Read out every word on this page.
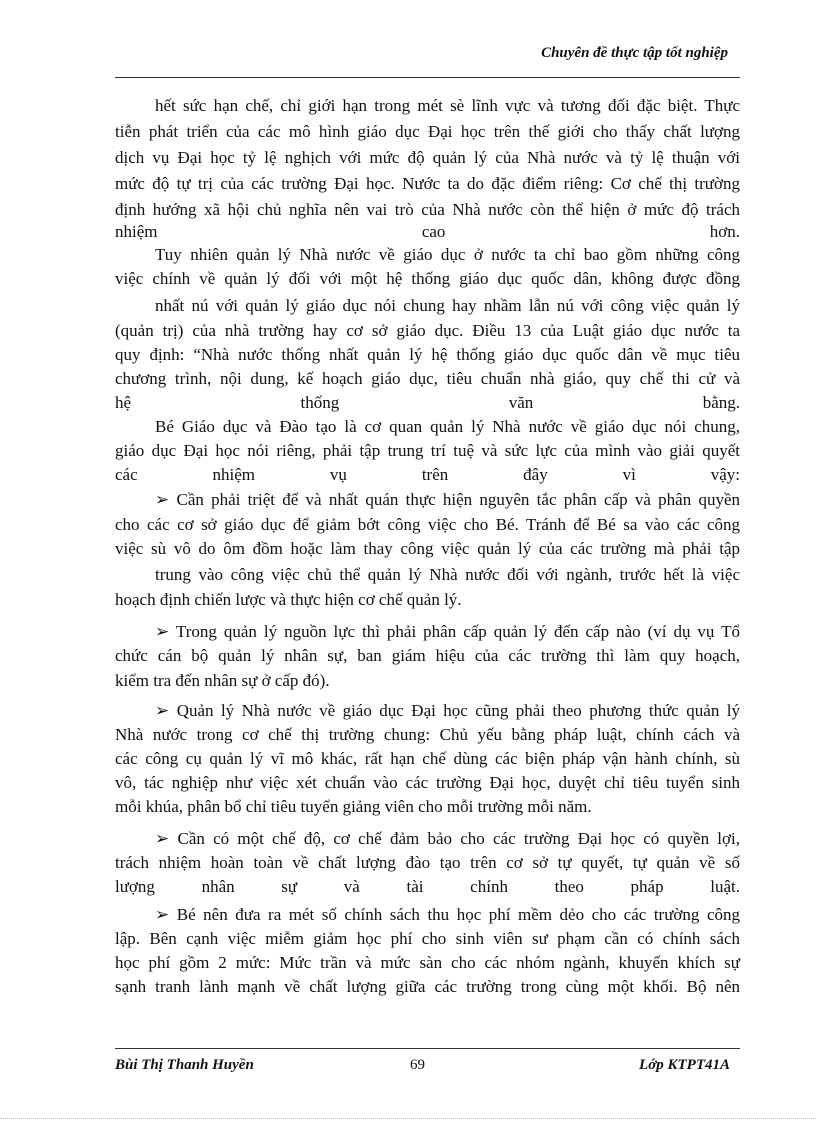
Chuyên đề thực tập tốt nghiệp
hết sức hạn chế, chỉ giới hạn trong mét sè lĩnh vực và tương đối đặc biệt. Thực
tiễn phát triển của các mô hình giáo dục Đại học trên thế giới cho thấy chất lượng
dịch vụ Đại học tỷ lệ nghịch với mức độ quản lý của Nhà nước và tỷ lệ thuận với
mức độ tự trị của các trường Đại học. Nước ta do đặc điểm riêng: Cơ chế thị trường
định hướng xã hội chủ nghĩa nên vai trò của Nhà nước còn thể hiện ở mức độ trách
nhiệm cao hơn.
Tuy nhiên quản lý Nhà nước về giáo dục ở nước ta chỉ bao gồm những công
việc chính về quản lý đối với một hệ thống giáo dục quốc dân, không được đồng
nhất nú với quản lý giáo dục nói chung hay nhầm lẫn nú với công việc quản lý
(quản trị) của nhà trường hay cơ sở giáo dục. Điều 13 của Luật giáo dục nước ta
quy định: “Nhà nước thống nhất quản lý hệ thống giáo dục quốc dân về mục tiêu
chương trình, nội dung, kế hoạch giáo dục, tiêu chuẩn nhà giáo, quy chế thi cử và
hệ thống văn bằng.
Bé Giáo dục và Đào tạo là cơ quan quản lý Nhà nước về giáo dục nói chung,
giáo dục Đại học nói riêng, phải tập trung trí tuệ và sức lực của mình vào giải quyết
các nhiệm vụ trên đây vì vậy:
➢ Cần phải triệt để và nhất quán thực hiện nguyên tắc phân cấp và phân quyền
cho các cơ sở giáo dục để giảm bớt công việc cho Bé. Tránh để Bé sa vào các công
việc sù vô do ôm đồm hoặc làm thay công việc quản lý của các trường mà phải tập
trung vào công việc chủ thể quản lý Nhà nước đối với ngành, trước hết là việc
hoạch định chiến lược và thực hiện cơ chế quản lý.
➢ Trong quản lý nguồn lực thì phải phân cấp quản lý đến cấp nào (ví dụ vụ Tổ
chức cán bộ quản lý nhân sự, ban giám hiệu của các trường thì làm quy hoạch,
kiểm tra đến nhân sự ở cấp đó).
➢ Quản lý Nhà nước về giáo dục Đại học cũng phải theo phương thức quản lý
Nhà nước trong cơ chế thị trường chung: Chủ yếu bằng pháp luật, chính cách và
các công cụ quản lý vĩ mô khác, rất hạn chế dùng các biện pháp vận hành chính, sù
vô, tác nghiệp như việc xét chuẩn vào các trường Đại học, duyệt chỉ tiêu tuyển sinh
mỗi khúa, phân bổ chỉ tiêu tuyển giảng viên cho mỗi trường mỗi năm.
➢ Cần có một chế độ, cơ chế đảm bảo cho các trường Đại học có quyền lợi,
trách nhiệm hoàn toàn về chất lượng đào tạo trên cơ sở tự quyết, tự quản về số
lượng nhân sự và tài chính theo pháp luật.
➢ Bé nên đưa ra mét số chính sách thu học phí mềm dẻo cho các trường công
lập. Bên cạnh việc miễm giảm học phí cho sinh viên sư phạm cần có chính sách
học phí gồm 2 mức: Mức trần và mức sàn cho các nhóm ngành, khuyến khích sự
sạnh tranh lành mạnh về chất lượng giữa các trường trong cùng một khối. Bộ nên
Bùi Thị Thanh Huyền	69	Lớp KTPT41A
